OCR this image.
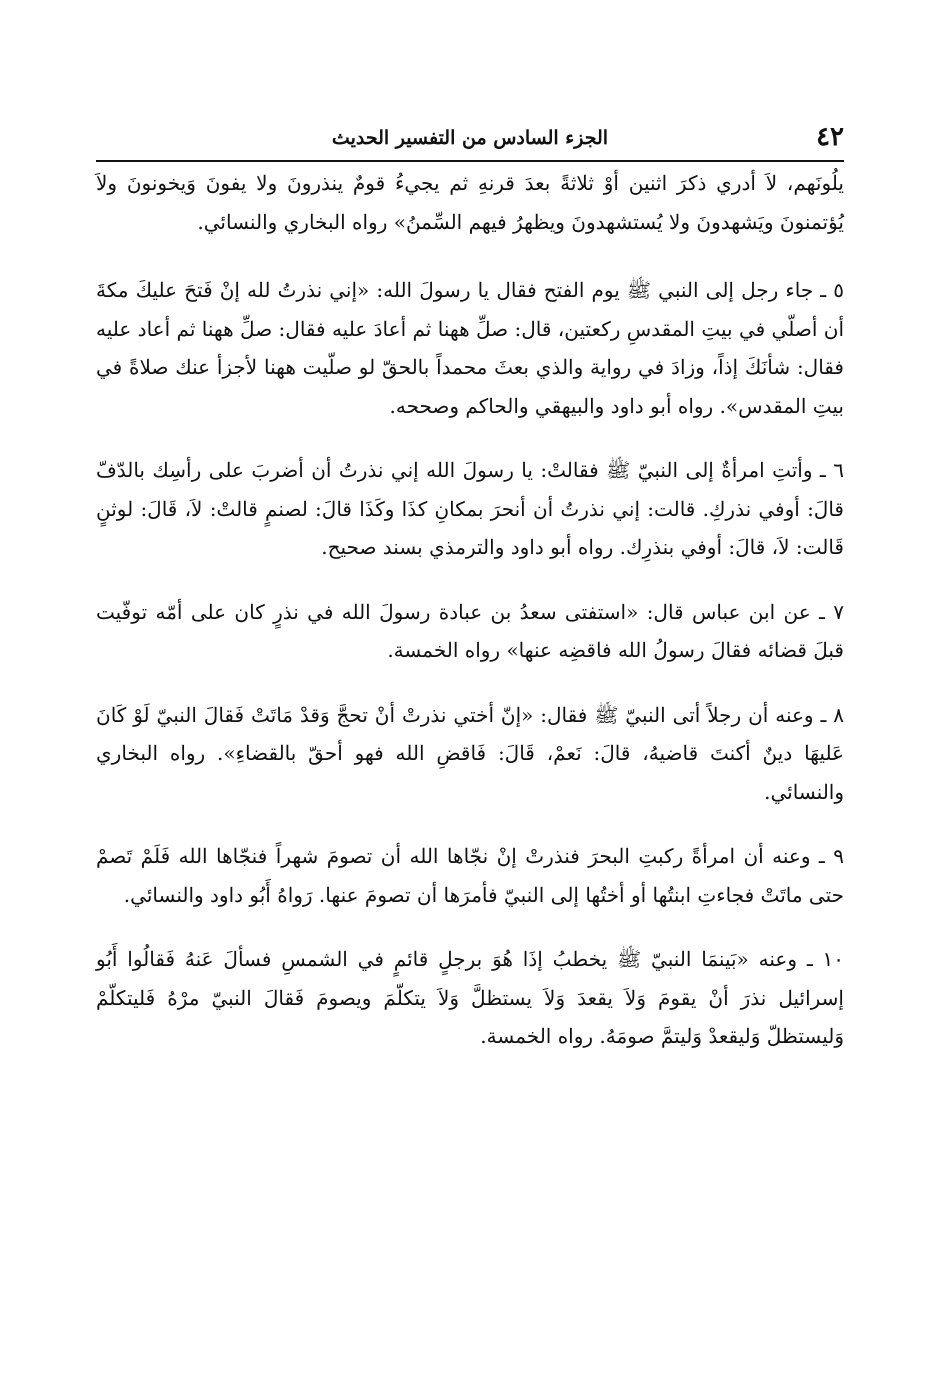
٤٢
الجزء السادس من التفسير الحديث

يلُونَهم، لاَ أدري ذكرَ اثنين أوْ ثلاثةً بعدَ قرنهِ ثم يجيءُ قومٌ ينذرونَ ولا يفونَ وَيخونونَ ولاَ يُؤتمنونَ ويَشهدونَ ولا يُستشهدونَ ويظهرُ فيهم السِّمنُ» رواه البخاري والنسائي.

٥ ـ جاء رجل إلى النبي ﷺ يوم الفتح فقال يا رسولَ الله: «إني نذرتُ لله إنْ فَتحَ عليكَ مكةَ أن أصلّي في بيتِ المقدسِ ركعتين، قال: صلِّ ههنا ثم أعادَ عليه فقال: صلِّ ههنا ثم أعاد عليه فقال: شأنَكَ إذاً، وزادَ في رواية والذي بعثَ محمداً بالحقّ لو صلّيت ههنا لأجزأ عنك صلاةً في بيتِ المقدس». رواه أبو داود والبيهقي والحاكم وصححه.

٦ ـ وأتتِ امرأةٌ إلى النبيّ ﷺ فقالتْ: يا رسولَ الله إني نذرتُ أن أضربَ على رأسِك بالدّفّ قالَ: أوفي نذركِ. قالت: إني نذرتُ أن أنحرَ بمكانِ كذَا وكَذَا قالَ: لصنمٍ قالتْ: لاَ، قَالَ: لوثنٍ قَالت: لاَ، قالَ: أوفي بنذرِك. رواه أبو داود والترمذي بسند صحيح.

٧ ـ عن ابن عباس قال: «استفتى سعدُ بن عبادة رسولَ الله في نذرٍ كان على أمّه توفّيت قبلَ قضائه فقالَ رسولُ الله فاقضِه عنها» رواه الخمسة.

٨ ـ وعنه أن رجلاً أتى النبيّ ﷺ فقال: «إنّ أختي نذرتْ أنْ تحجَّ وَقدْ مَاتَتْ فَقالَ النبيّ لَوْ كَانَ عَليهَا دينٌ أكنتَ قاضيهُ، قالَ: نَعمْ، قَالَ: فَاقضِ الله فهو أحقّ بالقضاءِ». رواه البخاري والنسائي.

٩ ـ وعنه أن امرأةً ركبتِ البحرَ فنذرتْ إنْ نجّاها الله أن تصومَ شهراً فنجّاها الله فَلَمْ تَصمْ حتى ماتَتْ فجاءتِ ابنتُها أو أختُها إلى النبيّ فأمرَها أن تصومَ عنها. رَواهُ أَبُو داود والنسائي.

١٠ ـ وعنه «بَينمَا النبيّ ﷺ يخطبُ إذَا هُوَ برجلٍ قائمٍ في الشمسِ فسألَ عَنهُ فَقالُوا أَبُو إسرائيل نذرَ أنْ يقومَ وَلاَ يقعدَ وَلاَ يستظلَّ وَلاَ يتكلّمَ ويصومَ فَقالَ النبيّ مرْهُ فَليتكلّمْ وَليستظلّ وَليقعدْ وَليتمَّ صومَهُ. رواه الخمسة.
